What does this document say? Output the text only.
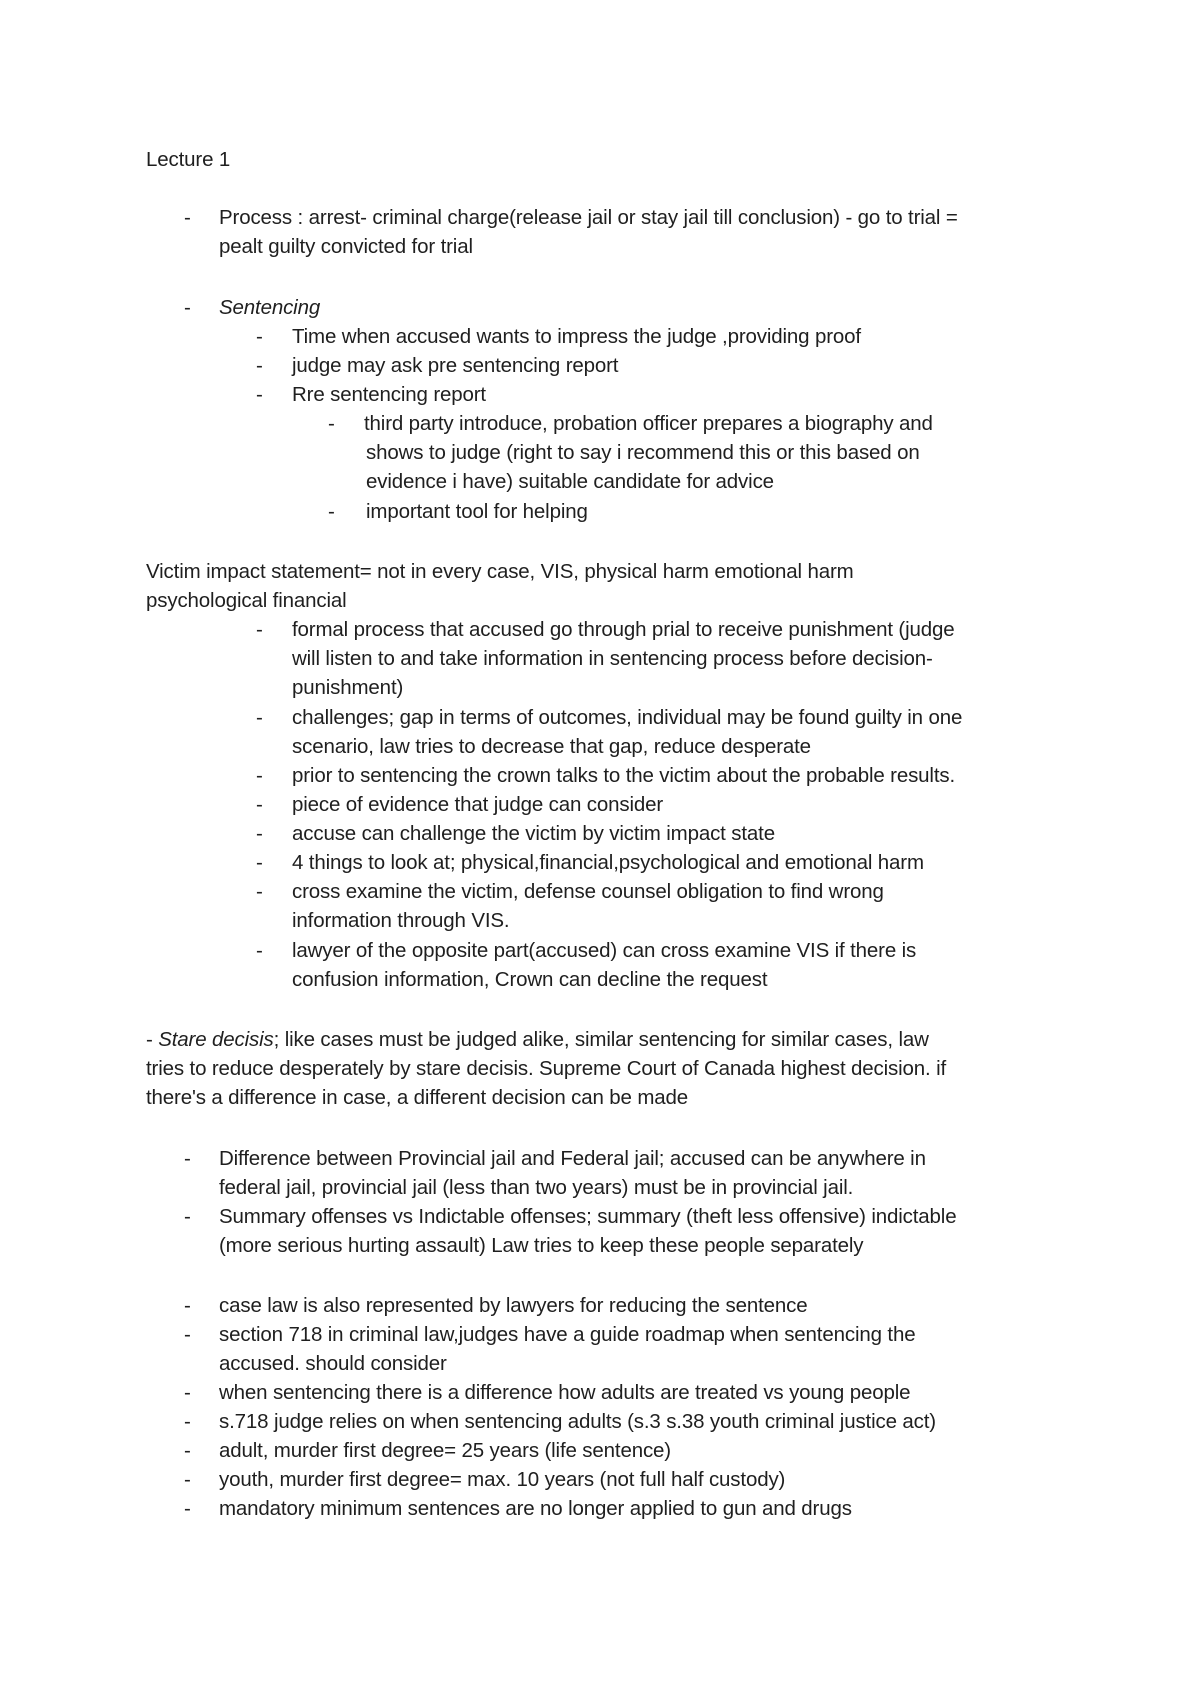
Lecture 1
- Process : arrest- criminal charge(release jail or stay jail till conclusion) - go to trial =
pealt guilty convicted for trial
- Sentencing
- Time when accused wants to impress the judge ,providing proof
- judge may ask pre sentencing report
- Rre sentencing report
- third party introduce, probation officer prepares a biography and
shows to judge (right to say i recommend this or this based on
evidence i have) suitable candidate for advice
- important tool for helping
Victim impact statement= not in every case, VIS, physical harm emotional harm
psychological financial
- formal process that accused go through prial to receive punishment (judge
will listen to and take information in sentencing process before decision-
punishment)
- challenges; gap in terms of outcomes, individual may be found guilty in one
scenario, law tries to decrease that gap, reduce desperate
- prior to sentencing the crown talks to the victim about the probable results.
- piece of evidence that judge can consider
- accuse can challenge the victim by victim impact state
- 4 things to look at; physical,financial,psychological and emotional harm
- cross examine the victim, defense counsel obligation to find wrong
information through VIS.
- lawyer of the opposite part(accused) can cross examine VIS if there is
confusion information, Crown can decline the request
- Stare decisis; like cases must be judged alike, similar sentencing for similar cases, law
tries to reduce desperately by stare decisis. Supreme Court of Canada highest decision. if
there's a difference in case, a different decision can be made
- Difference between Provincial jail and Federal jail; accused can be anywhere in
federal jail, provincial jail (less than two years) must be in provincial jail.
- Summary offenses vs Indictable offenses; summary (theft less offensive) indictable
(more serious hurting assault) Law tries to keep these people separately
- case law is also represented by lawyers for reducing the sentence
- section 718 in criminal law,judges have a guide roadmap when sentencing the
accused. should consider
- when sentencing there is a difference how adults are treated vs young people
- s.718 judge relies on when sentencing adults (s.3 s.38 youth criminal justice act)
- adult, murder first degree= 25 years (life sentence)
- youth, murder first degree= max. 10 years (not full half custody)
- mandatory minimum sentences are no longer applied to gun and drugs
